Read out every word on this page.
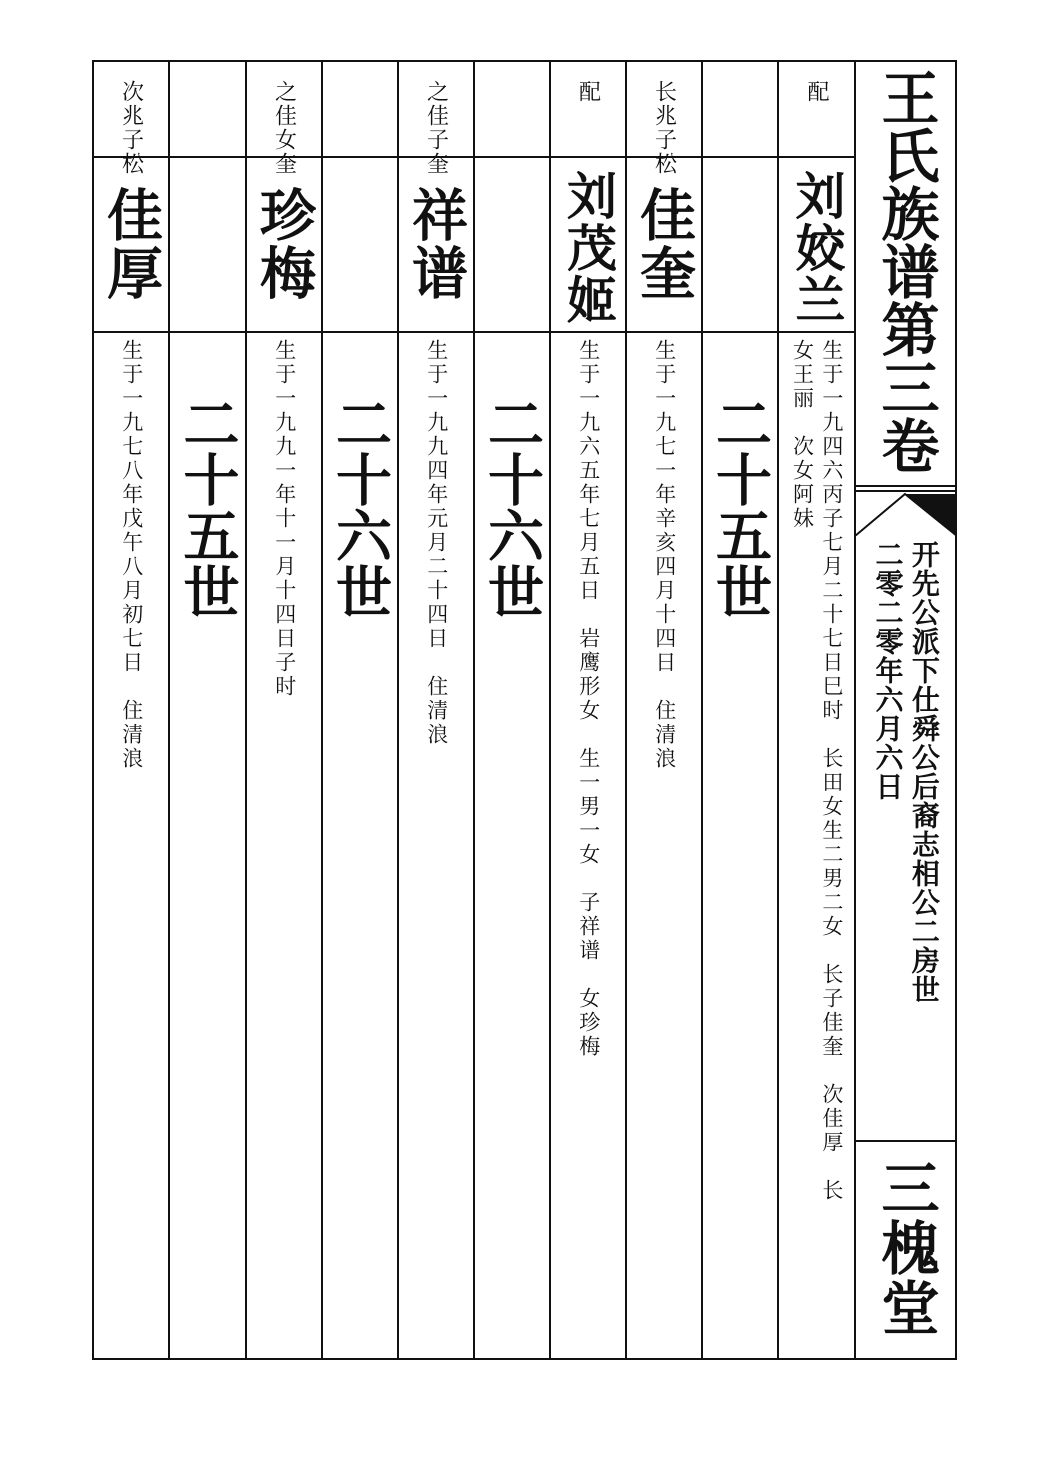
王氏族谱第三卷
开先公派下仕舜公后裔志相公二房世
二零二零年六月六日
三槐堂
配
刘姣兰
生于一九四六丙子七月二十七日巳时　长田女生二男二女　长子佳奎　次佳厚　长
女王丽　次女阿妹
二十五世
长兆子松
佳奎
生于一九七一年辛亥四月十四日　住清浪
配
刘茂姬
生于一九六五年七月五日　岩鹰形女　生一男一女　子祥谱　女珍梅
二十六世
之佳子奎
祥谱
生于一九九四年元月二十四日　住清浪
二十六世
之佳女奎
珍梅
生于一九九一年十一月十四日子时
二十五世
次兆子松
佳厚
生于一九七八年戊午八月初七日　住清浪
